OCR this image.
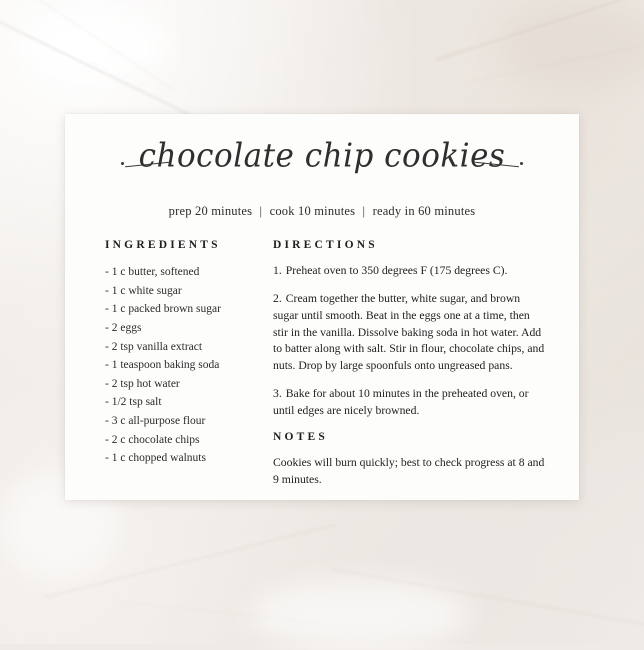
chocolate chip cookies
prep 20 minutes | cook 10 minutes | ready in 60 minutes
INGREDIENTS
- 1 c butter, softened
- 1 c white sugar
- 1 c packed brown sugar
- 2 eggs
- 2 tsp vanilla extract
- 1 teaspoon baking soda
- 2 tsp hot water
- 1/2 tsp salt
- 3 c all-purpose flour
- 2 c chocolate chips
- 1 c chopped walnuts
DIRECTIONS

1. Preheat oven to 350 degrees F (175 degrees C).

2. Cream together the butter, white sugar, and brown sugar until smooth. Beat in the eggs one at a time, then stir in the vanilla. Dissolve baking soda in hot water. Add to batter along with salt. Stir in flour, chocolate chips, and nuts. Drop by large spoonfuls onto ungreased pans.

3. Bake for about 10 minutes in the preheated oven, or until edges are nicely browned.

NOTES

Cookies will burn quickly; best to check progress at 8 and 9 minutes.
